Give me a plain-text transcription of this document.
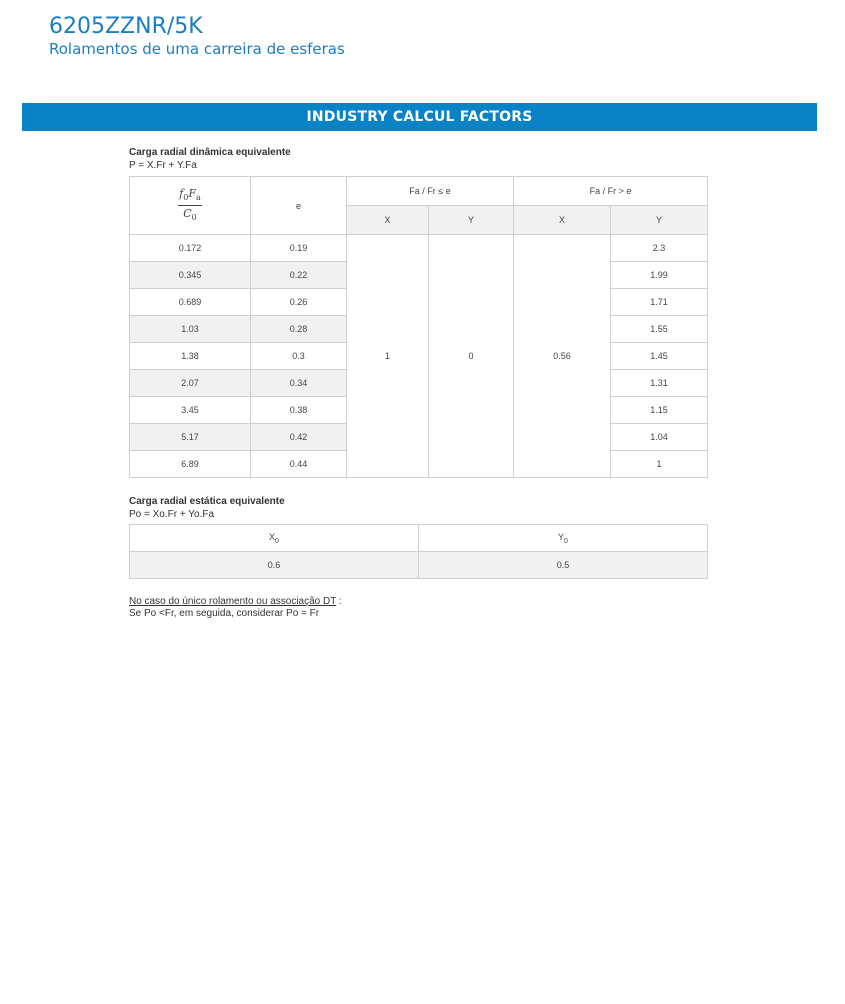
6205ZZNR/5K
Rolamentos de uma carreira de esferas
INDUSTRY CALCUL FACTORS
Carga radial dinâmica equivalente
P = X.Fr + Y.Fa
$\frac{f_0F_a}{C_0}$	e	Fa / Fr ≤ e		Fa / Fr > e	
		X	Y	X	Y
0.172	0.19	1	0	0.56	2.3
0.345	0.22				1.99
0.689	0.26				1.71
1.03	0.28				1.55
1.38	0.3				1.45
2.07	0.34				1.31
3.45	0.38				1.15
5.17	0.42				1.04
6.89	0.44				1
Carga radial estática equivalente
Po = Xo.Fr + Yo.Fa
$X_0$	$Y_0$
0.6	0.5
No caso do único rolamento ou associação DT :
Se Po <Fr, em seguida, considerar Po = Fr
